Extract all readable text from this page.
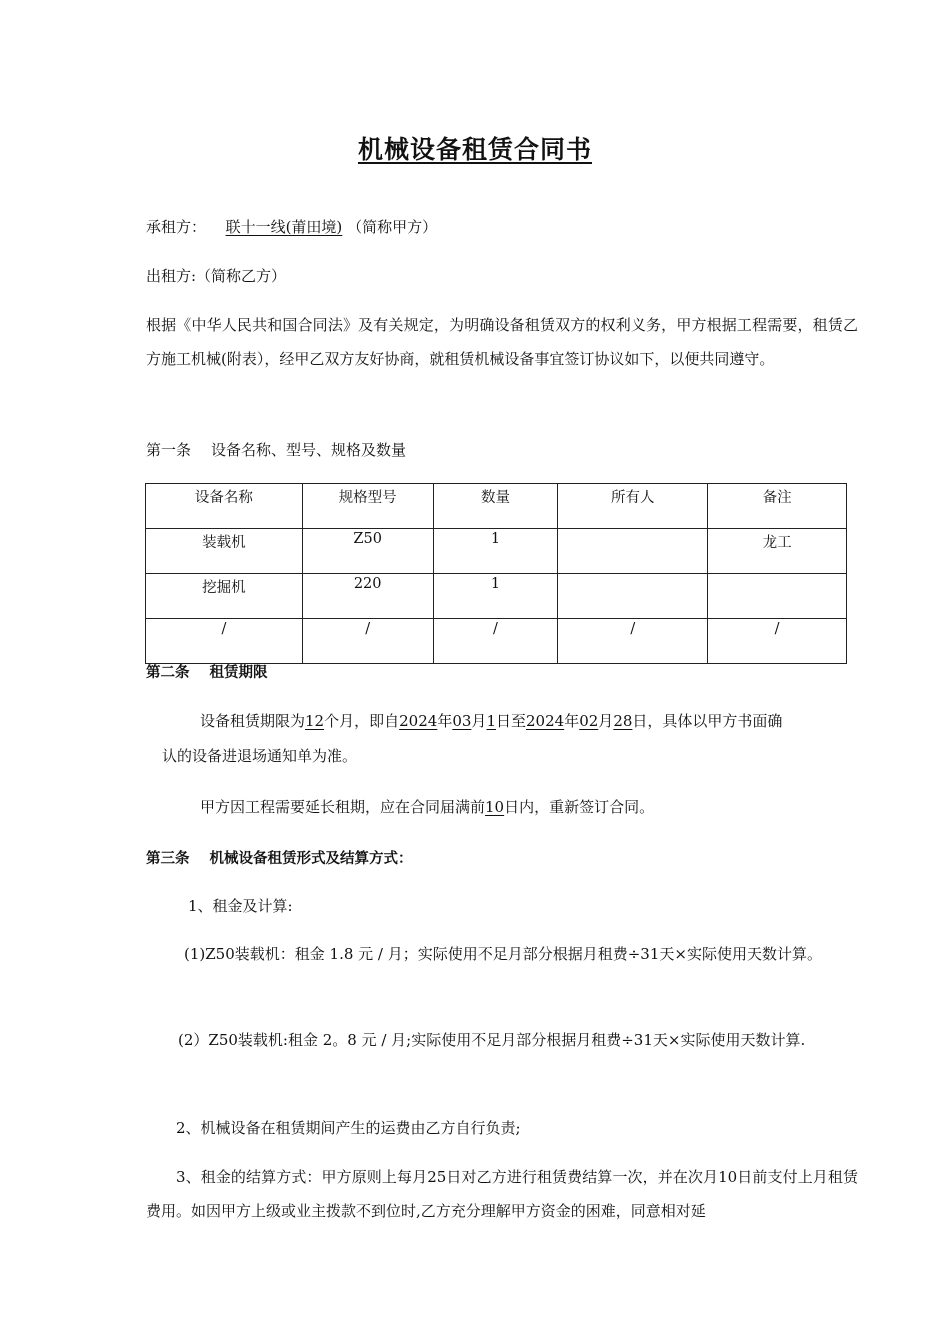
机械设备租赁合同书
承租方： 联十一线(莆田境) （简称甲方）
出租方:（简称乙方）
根据《中华人民共和国合同法》及有关规定，为明确设备租赁双方的权利义务，甲方根据工程需要，租赁乙方施工机械(附表），经甲乙双方友好协商，就租赁机械设备事宜签订协议如下，以便共同遵守。
第一条 设备名称、型号、规格及数量
设备名称	规格型号	数量	所有人	备注
装载机	Z50	1		龙工
挖掘机	220	1		
/	/	/	/	/
第二条 租赁期限
设备租赁期限为12个月，即自2024年03月1日至2024年02月28日，具体以甲方书面确
认的设备进退场通知单为准。
甲方因工程需要延长租期，应在合同届满前10日内，重新签订合同。
第三条 机械设备租赁形式及结算方式：
1、租金及计算:
(1)Z50装载机：租金 1.8 元 / 月；实际使用不足月部分根据月租费÷31天×实际使用天数计算。
(2）Z50装载机:租金 2。8 元 / 月;实际使用不足月部分根据月租费÷31天×实际使用天数计算.
2、机械设备在租赁期间产生的运费由乙方自行负责;
3、租金的结算方式：甲方原则上每月25日对乙方进行租赁费结算一次，并在次月10日前支付上月租赁费用。如因甲方上级或业主拨款不到位时,乙方充分理解甲方资金的困难，同意相对延
